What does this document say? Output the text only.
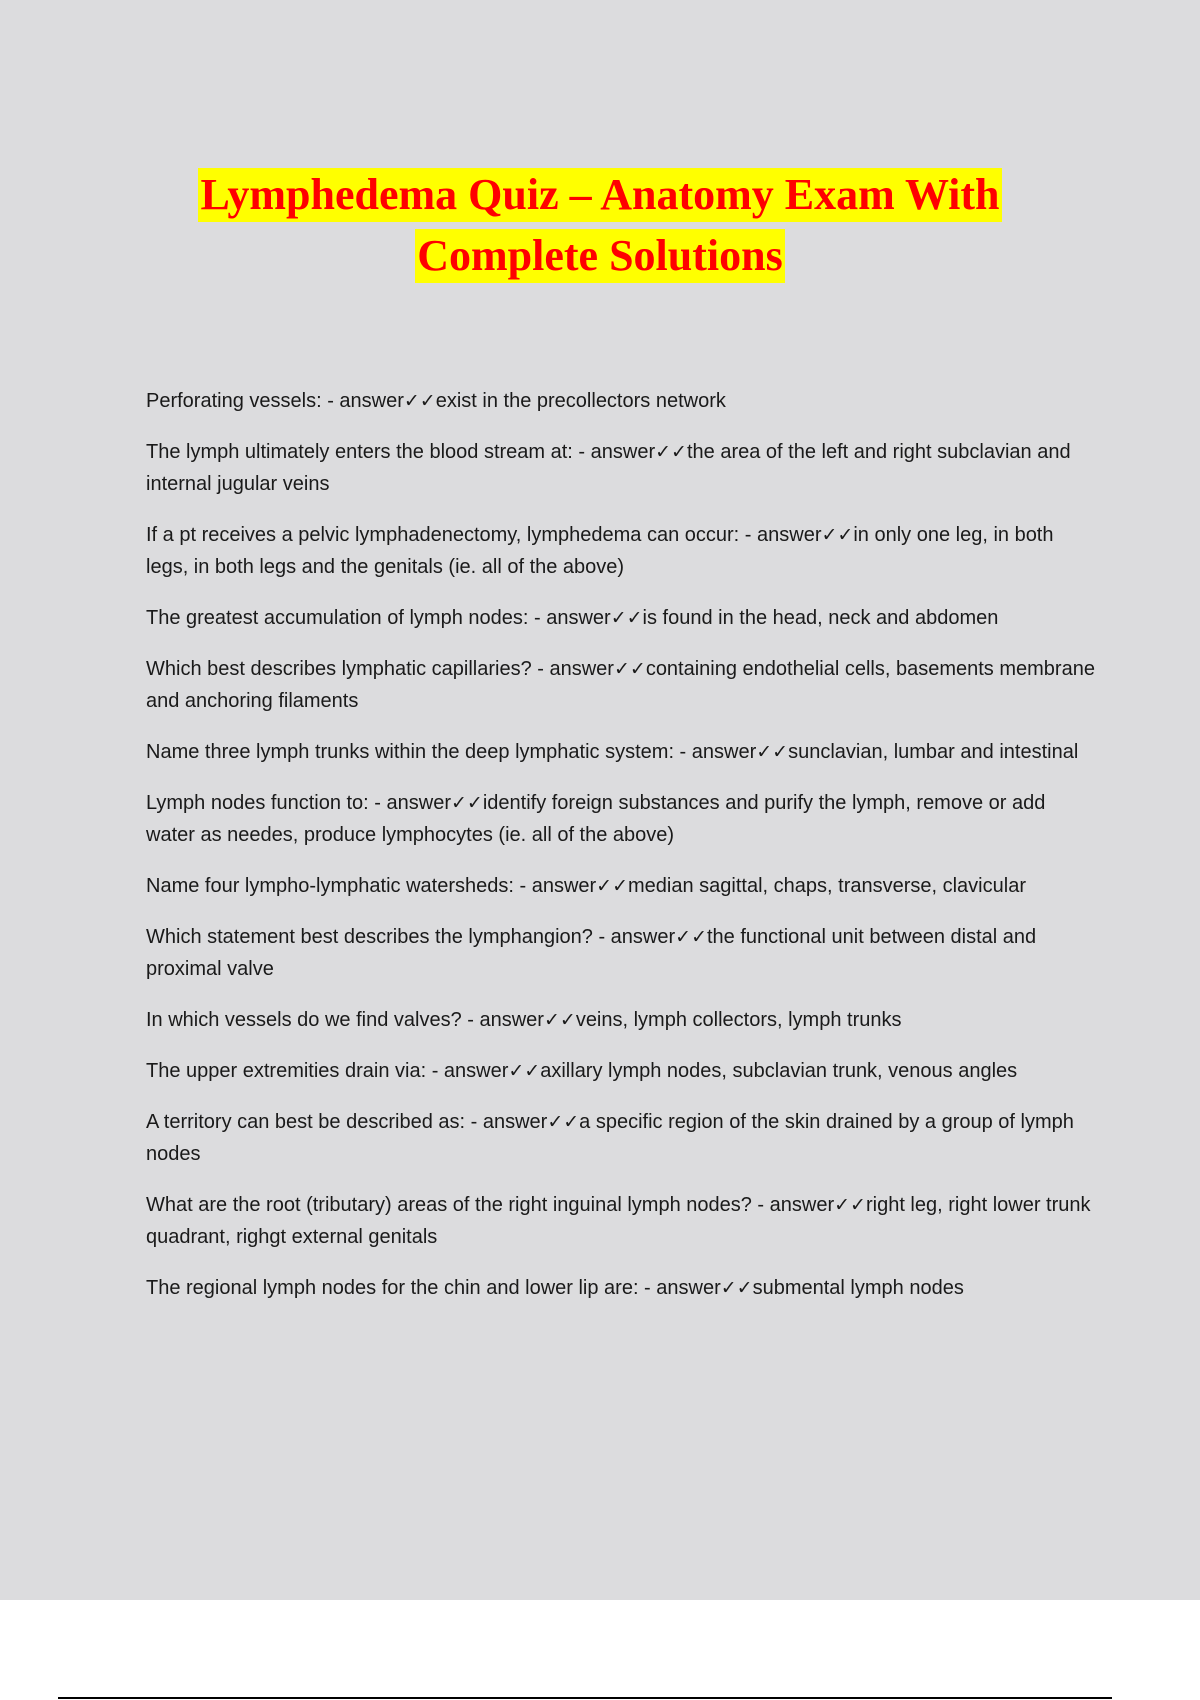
Lymphedema Quiz – Anatomy Exam With
Complete Solutions
Perforating vessels: - answer✓✓exist in the precollectors network
The lymph ultimately enters the blood stream at: - answer✓✓the area of the left and right subclavian and internal jugular veins
If a pt receives a pelvic lymphadenectomy, lymphedema can occur: - answer✓✓in only one leg, in both legs, in both legs and the genitals (ie. all of the above)
The greatest accumulation of lymph nodes: - answer✓✓is found in the head, neck and abdomen
Which best describes lymphatic capillaries? - answer✓✓containing endothelial cells, basements membrane and anchoring filaments
Name three lymph trunks within the deep lymphatic system: - answer✓✓sunclavian, lumbar and intestinal
Lymph nodes function to: - answer✓✓identify foreign substances and purify the lymph, remove or add water as needes, produce lymphocytes (ie. all of the above)
Name four lympho-lymphatic watersheds: - answer✓✓median sagittal, chaps, transverse, clavicular
Which statement best describes the lymphangion? - answer✓✓the functional unit between distal and proximal valve
In which vessels do we find valves? - answer✓✓veins, lymph collectors, lymph trunks
The upper extremities drain via: - answer✓✓axillary lymph nodes, subclavian trunk, venous angles
A territory can best be described as: - answer✓✓a specific region of the skin drained by a group of lymph nodes
What are the root (tributary) areas of the right inguinal lymph nodes? - answer✓✓right leg, right lower trunk quadrant, righgt external genitals
The regional lymph nodes for the chin and lower lip are: - answer✓✓submental lymph nodes
